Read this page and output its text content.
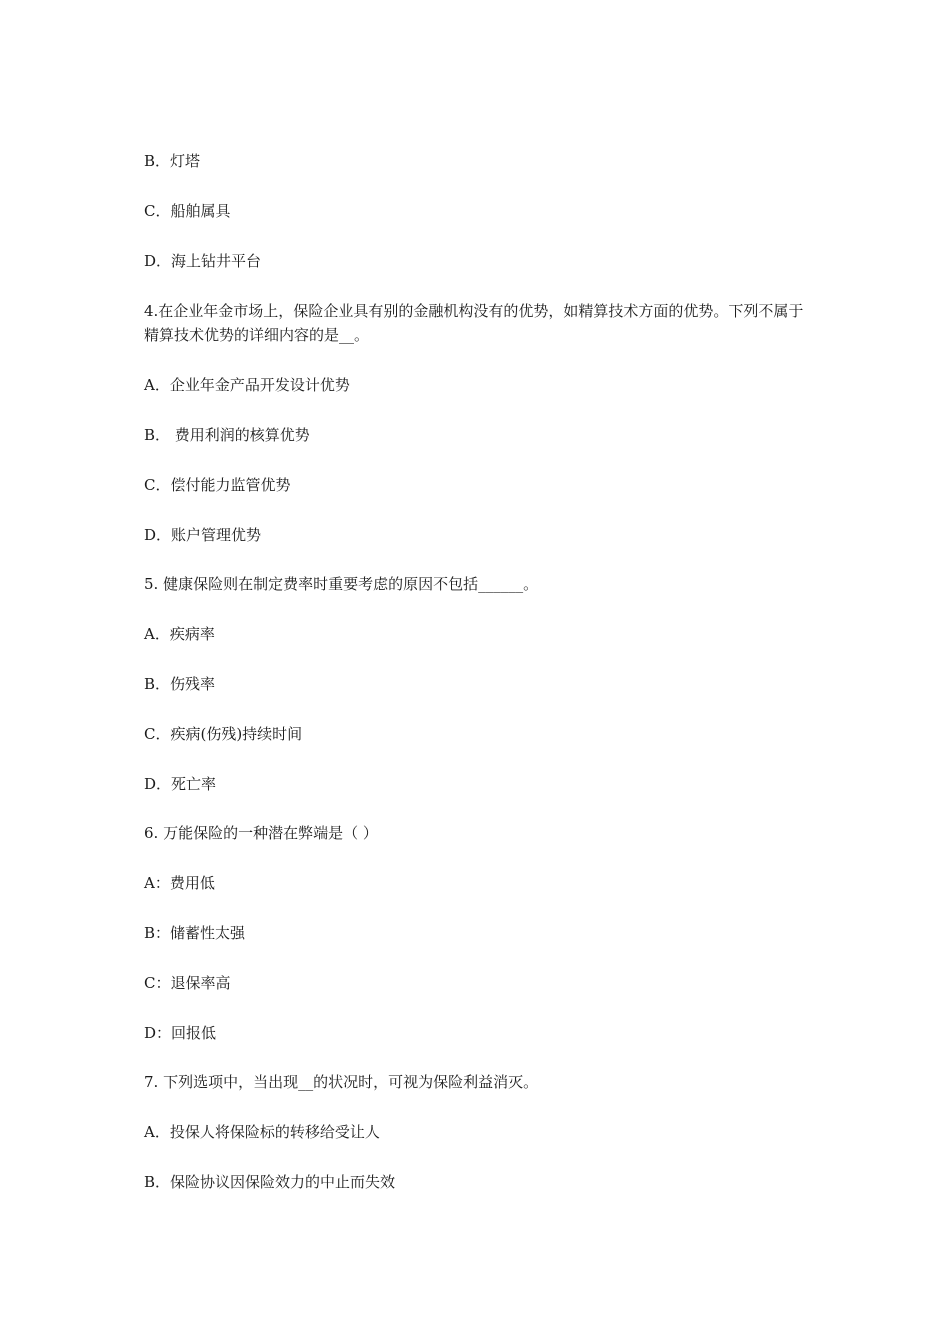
B．灯塔
C．船舶属具
D．海上钻井平台
4.在企业年金市场上，保险企业具有别的金融机构没有的优势，如精算技术方面的优势。下列不属于精算技术优势的详细内容的是__。
A．企业年金产品开发设计优势
B． 费用利润的核算优势
C．偿付能力监管优势
D．账户管理优势
5. 健康保险则在制定费率时重要考虑的原因不包括______。
A．疾病率
B．伤残率
C．疾病(伤残)持续时间
D．死亡率
6. 万能保险的一种潜在弊端是（ ）
A：费用低
B：储蓄性太强
C：退保率高
D：回报低
7. 下列选项中，当出现__的状况时，可视为保险利益消灭。
A．投保人将保险标的转移给受让人
B．保险协议因保险效力的中止而失效
